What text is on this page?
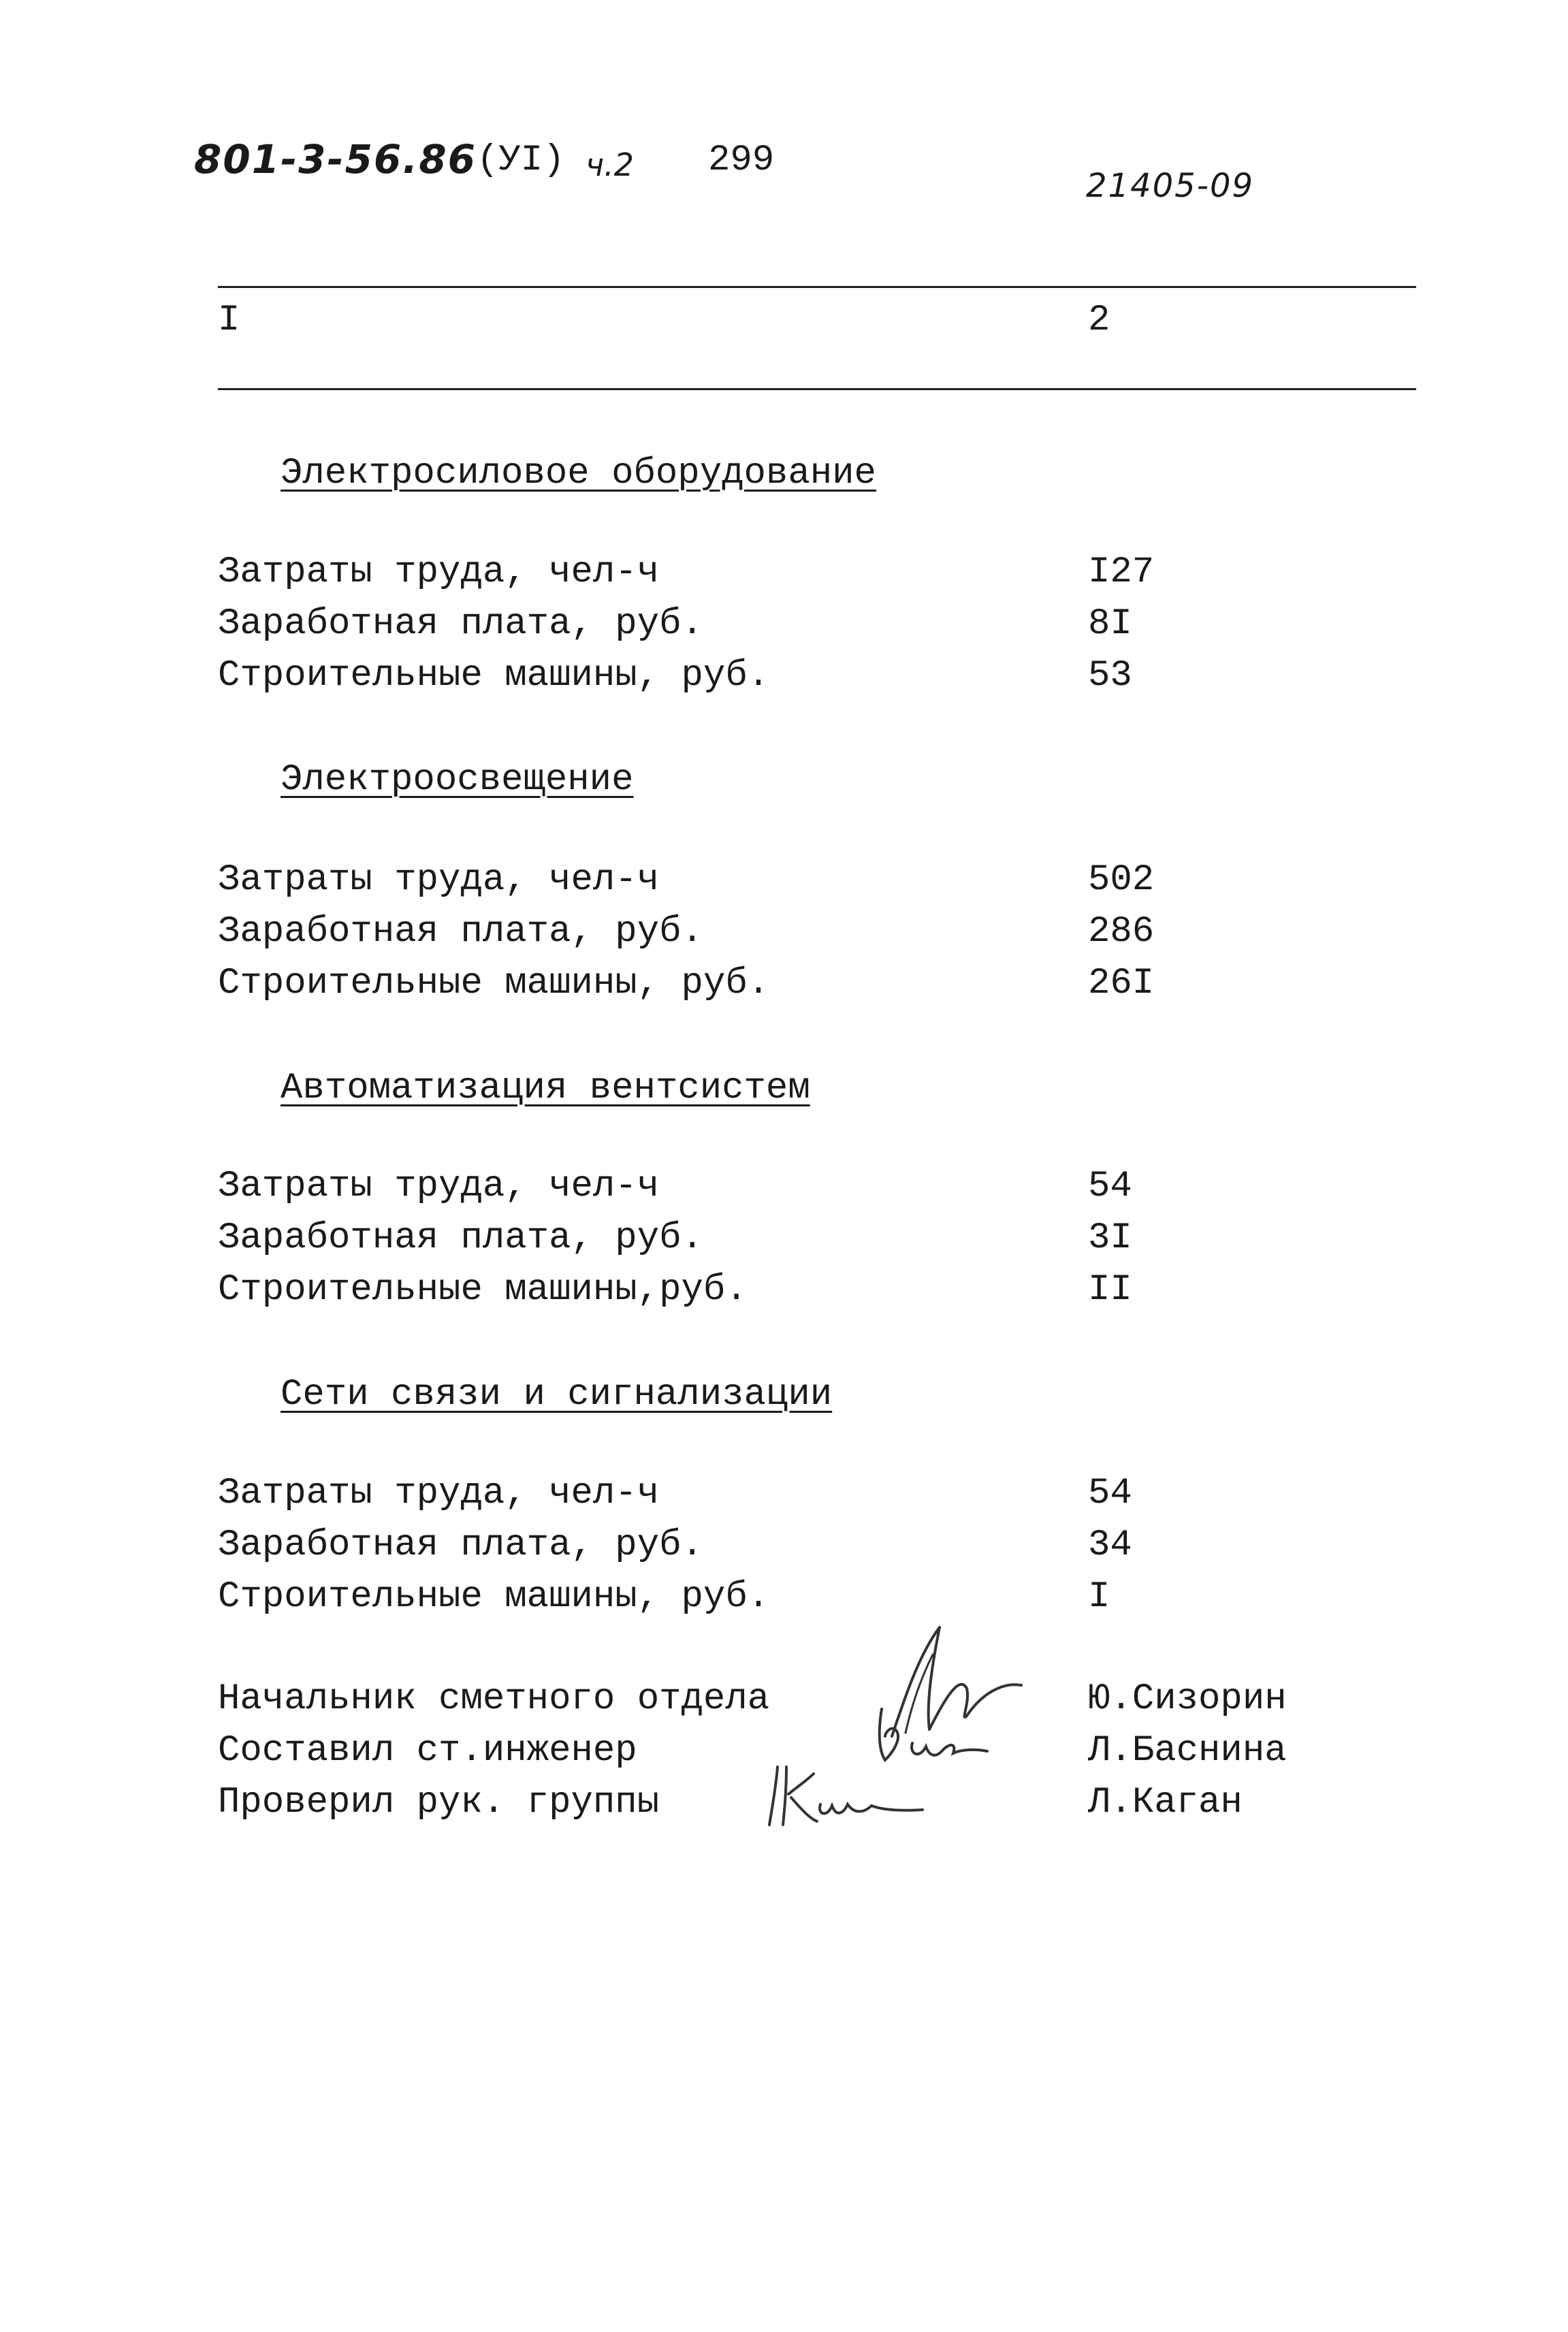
801-3-56.86 (УI) ч.2 299
21405-09
I	2
Электросиловое оборудование
Затраты труда, чел-ч	I27
Заработная плата, руб.	8I
Строительные машины, руб.	53
Электроосвещение
Затраты труда, чел-ч	502
Заработная плата, руб.	286
Строительные машины, руб.	26I
Автоматизация вентсистем
Затраты труда, чел-ч	54
Заработная плата, руб.	3I
Строительные машины,руб.	II
Сети связи и сигнализации
Затраты труда, чел-ч	54
Заработная плата, руб.	34
Строительные машины, руб.	I
Начальник сметного отдела	Ю.Сизорин
Составил ст.инженер	Л.Баснина
Проверил рук. группы	Л.Каган
